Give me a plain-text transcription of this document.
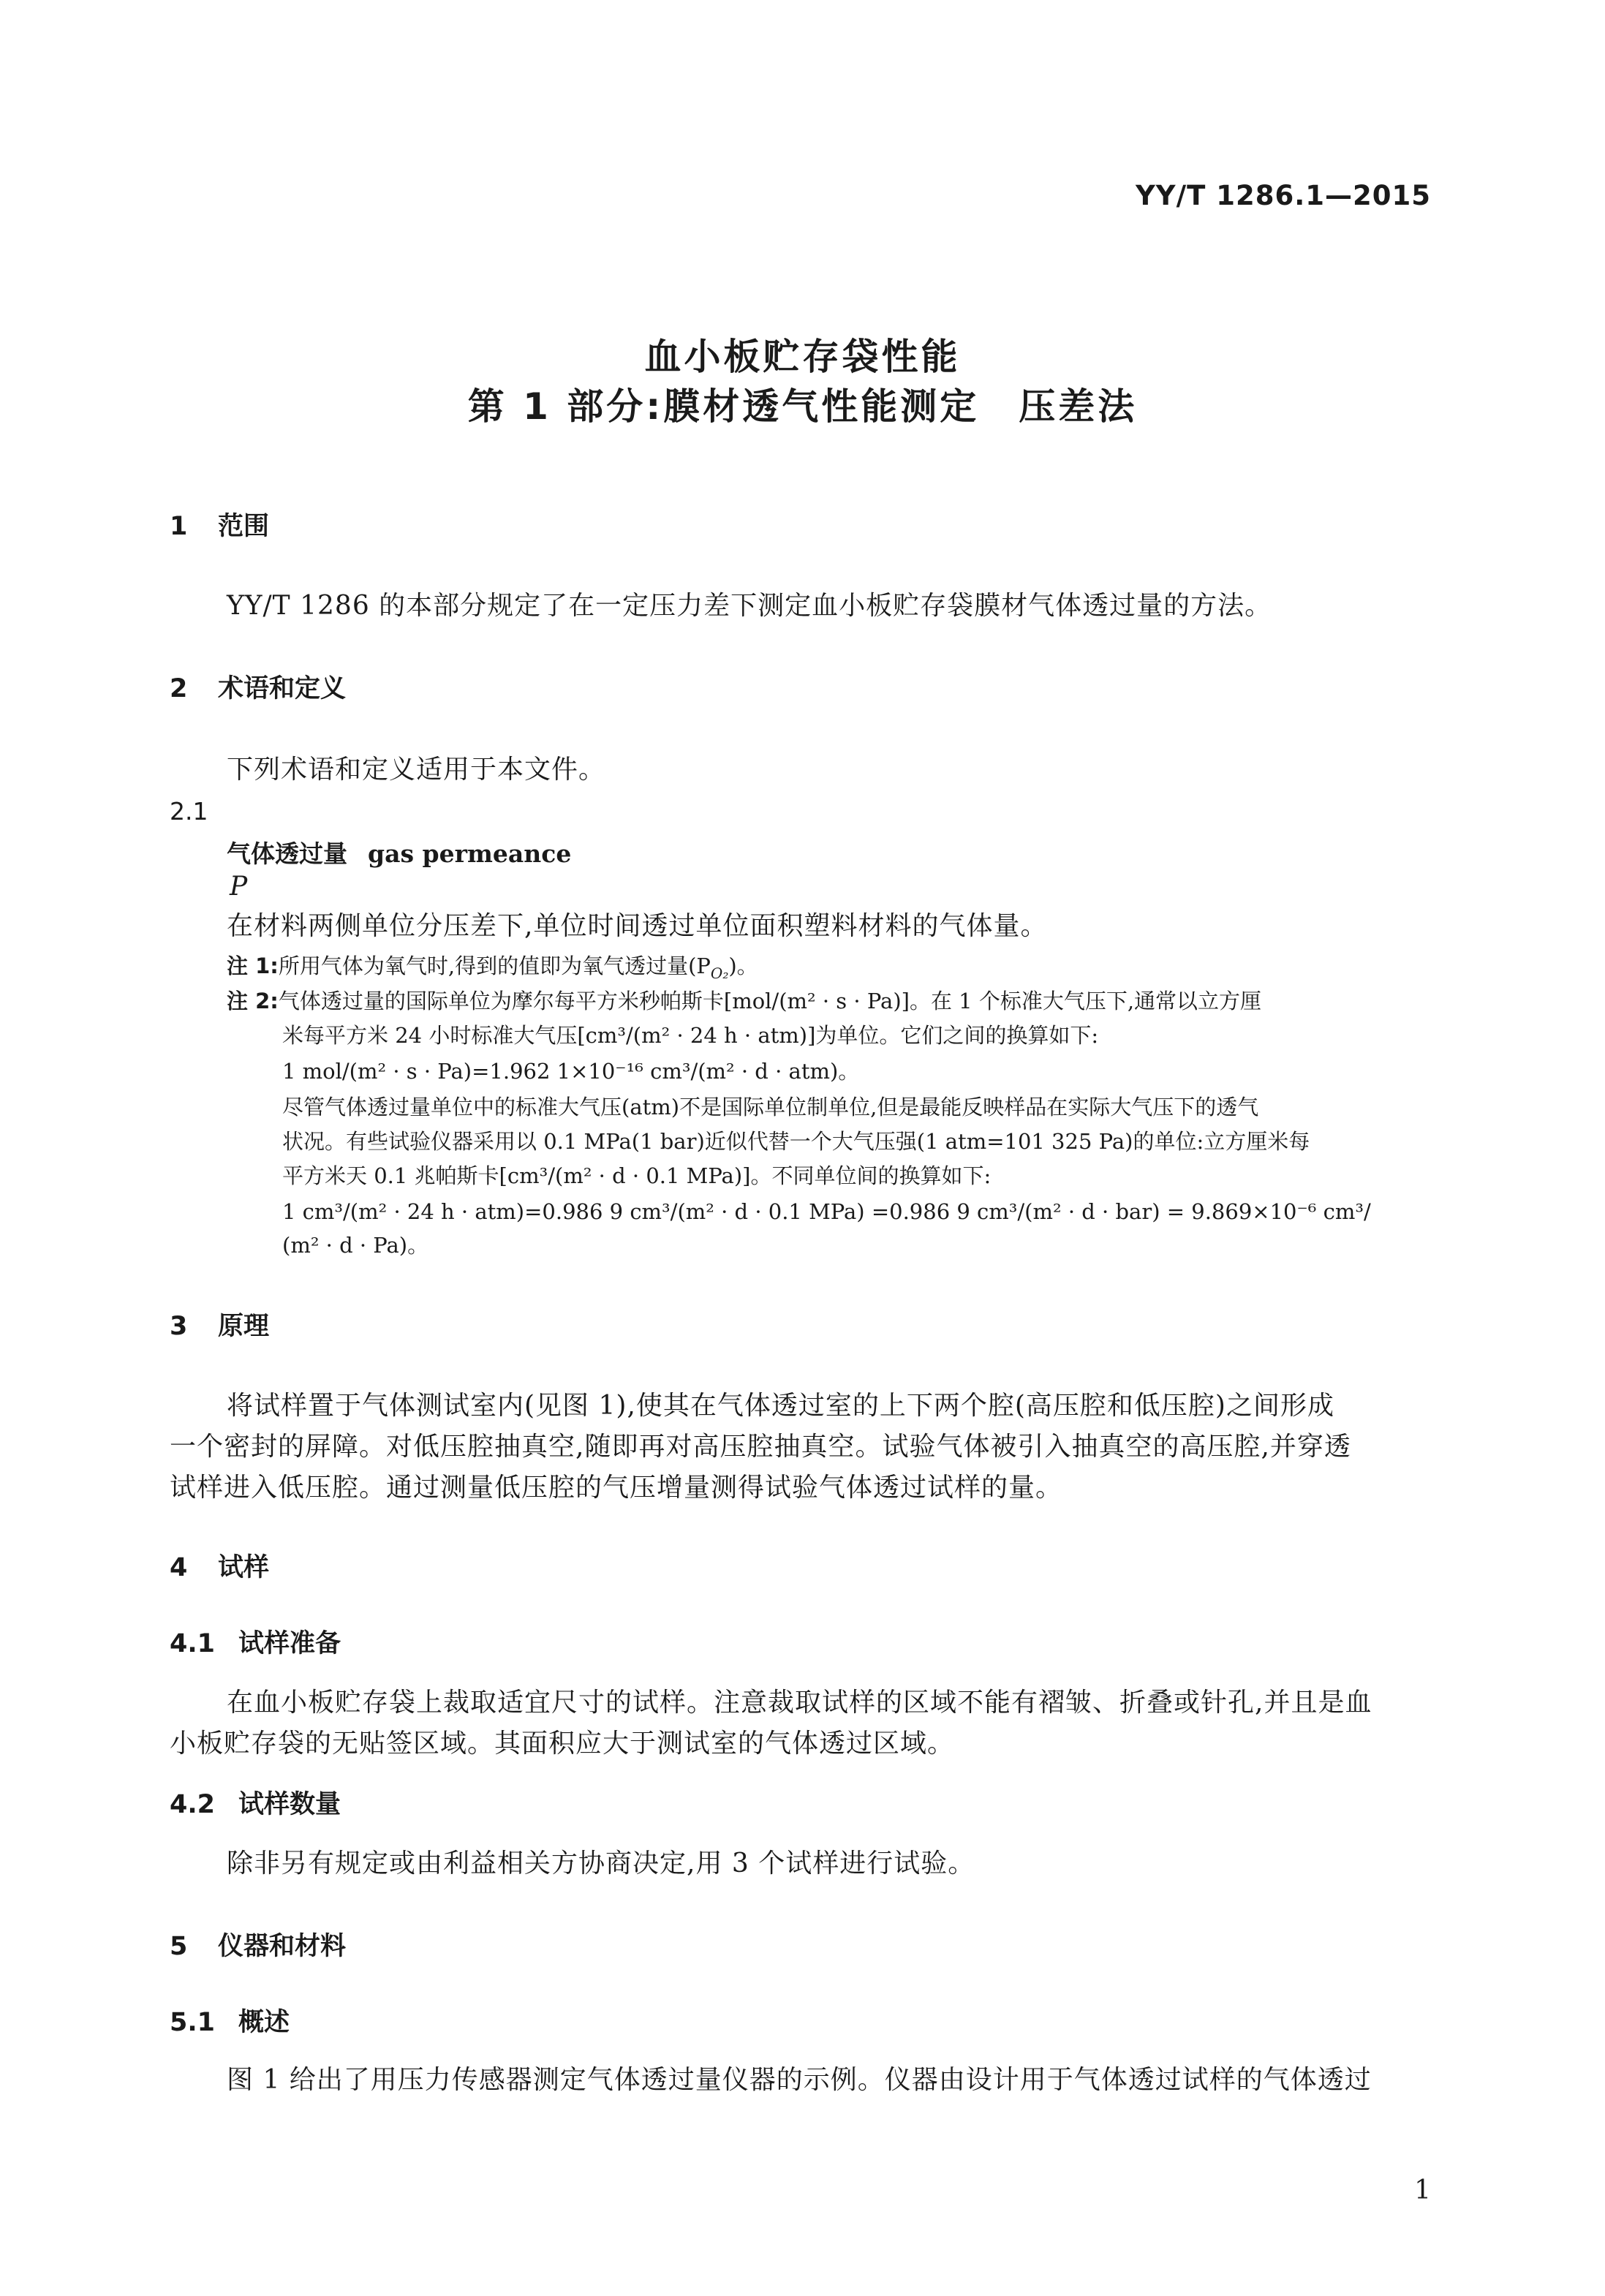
YY/T 1286.1—2015
血小板贮存袋性能
第 1 部分:膜材透气性能测定　压差法
1 范围
YY/T 1286 的本部分规定了在一定压力差下测定血小板贮存袋膜材气体透过量的方法。
2 术语和定义
下列术语和定义适用于本文件。
2.1
气体透过量 gas permeance
P
在材料两侧单位分压差下,单位时间透过单位面积塑料材料的气体量。
注 1:所用气体为氧气时,得到的值即为氧气透过量$(P_{O_2})$。
注 2:气体透过量的国际单位为摩尔每平方米秒帕斯卡[mol/(m² · s · Pa)]。在 1 个标准大气压下,通常以立方厘
米每平方米 24 小时标准大气压[cm³/(m² · 24 h · atm)]为单位。它们之间的换算如下:
1 mol/(m² · s · Pa)=1.962 1×10⁻¹⁶ cm³/(m² · d · atm)。
尽管气体透过量单位中的标准大气压(atm)不是国际单位制单位,但是最能反映样品在实际大气压下的透气
状况。有些试验仪器采用以 0.1 MPa(1 bar)近似代替一个大气压强(1 atm=101 325 Pa)的单位:立方厘米每
平方米天 0.1 兆帕斯卡[cm³/(m² · d · 0.1 MPa)]。不同单位间的换算如下:
1 cm³/(m² · 24 h · atm)=0.986 9 cm³/(m² · d · 0.1 MPa) =0.986 9 cm³/(m² · d · bar) = 9.869×10⁻⁶ cm³/
(m² · d · Pa)。
3 原理
将试样置于气体测试室内(见图 1),使其在气体透过室的上下两个腔(高压腔和低压腔)之间形成
一个密封的屏障。对低压腔抽真空,随即再对高压腔抽真空。试验气体被引入抽真空的高压腔,并穿透
试样进入低压腔。通过测量低压腔的气压增量测得试验气体透过试样的量。
4 试样
4.1 试样准备
在血小板贮存袋上裁取适宜尺寸的试样。注意裁取试样的区域不能有褶皱、折叠或针孔,并且是血
小板贮存袋的无贴签区域。其面积应大于测试室的气体透过区域。
4.2 试样数量
除非另有规定或由利益相关方协商决定,用 3 个试样进行试验。
5 仪器和材料
5.1 概述
图 1 给出了用压力传感器测定气体透过量仪器的示例。仪器由设计用于气体透过试样的气体透过
1
